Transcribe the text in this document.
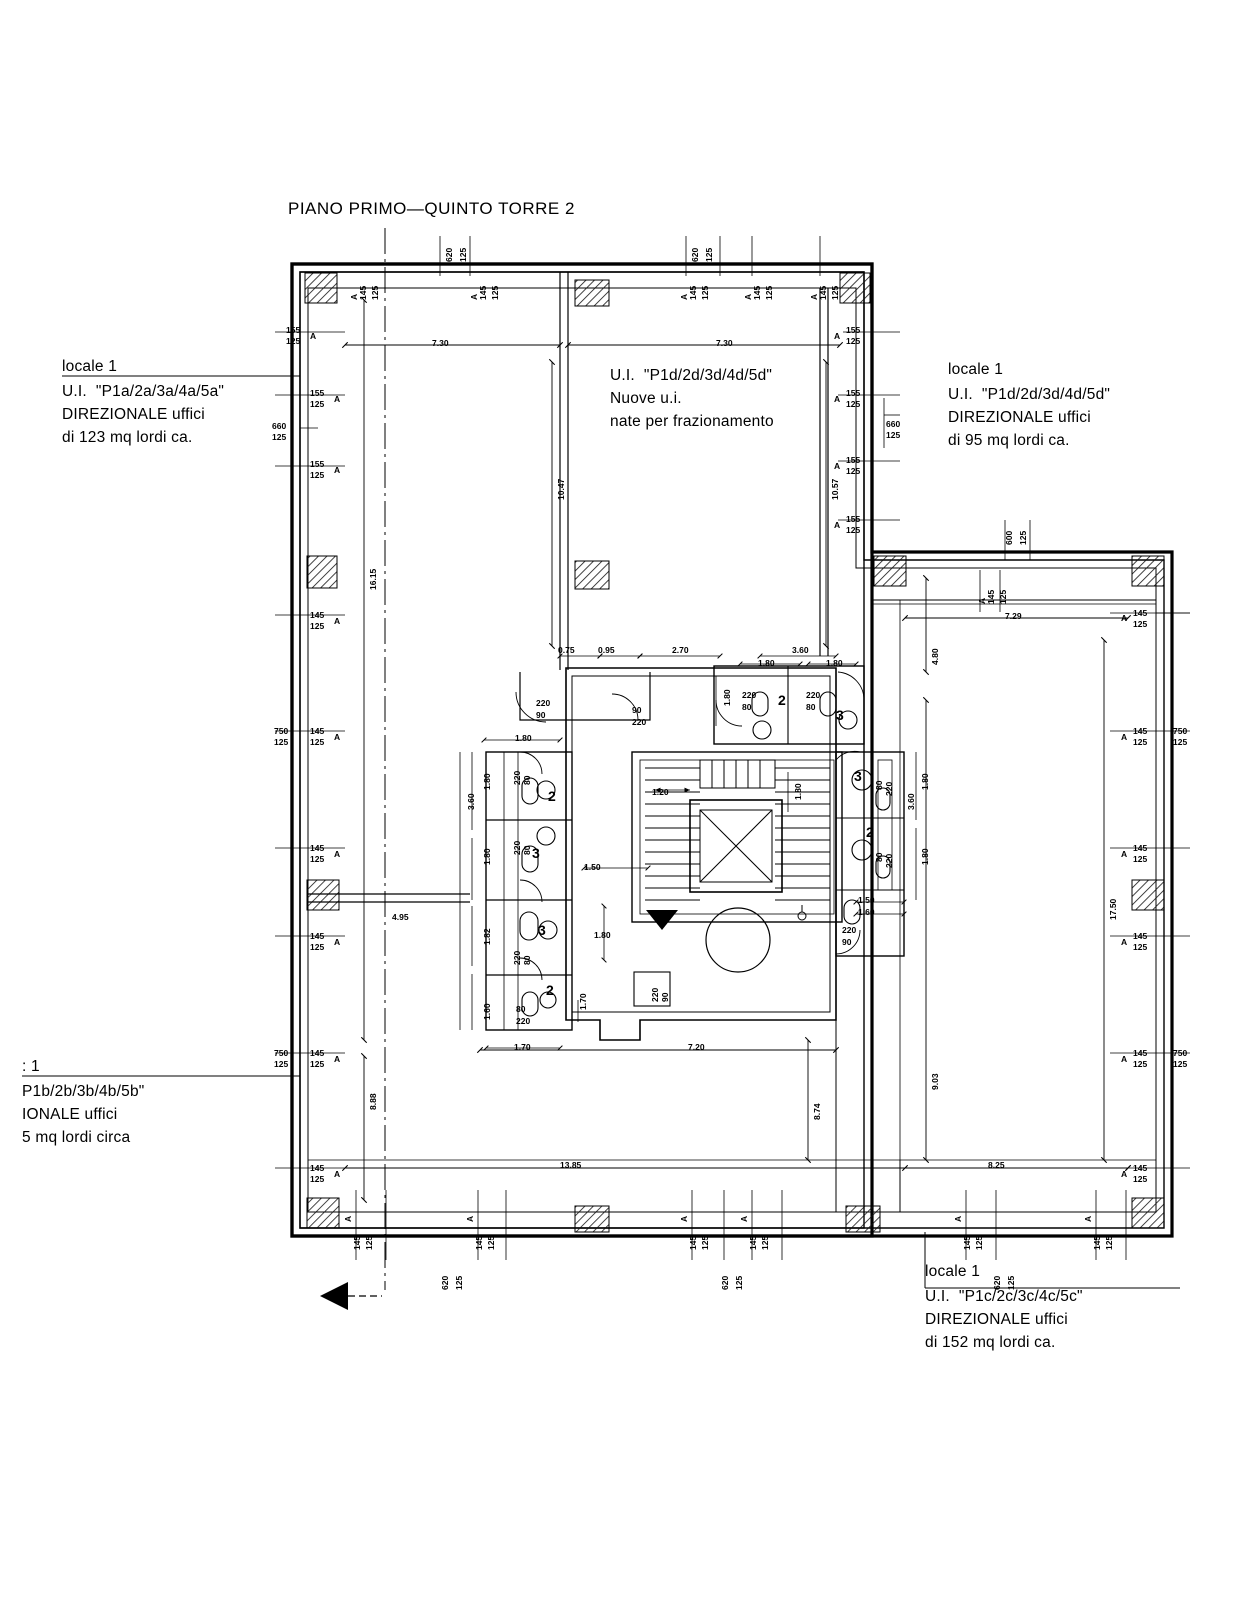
PIANO PRIMO—QUINTO TORRE 2
locale 1
U.I.  "P1a/2a/3a/4a/5a"
DIREZIONALE uffici
di 123 mq lordi ca.
U.I.  "P1d/2d/3d/4d/5d"
Nuove u.i.
nate per frazionamento
locale 1
U.I.  "P1d/2d/3d/4d/5d"
DIREZIONALE uffici
di 95 mq lordi ca.
: 1
P1b/2b/3b/4b/5b"
IONALE uffici
5 mq lordi circa
locale 1
U.I.  "P1c/2c/3c/4c/5c"
DIREZIONALE uffici
di 152 mq lordi ca.
620 125	620 125
145 125
A	145 125
A	145 125
A	145 125
A	145 125
A
155
125 A
155
125 A
660
125
155
125 A
145
125 A
750
125
145
125 A
145
125 A
145
125 A
750
125
145
125 A
145
125 A
155
125
A
155
125
A
660
125
155
125
A
155
125
A
600 125
145 125
A
145
125
A
145
125
A
750
125
145
125
A
145
125
A
145
125
A
750
125
145
125
A
145 125
A
145 125
A
145 125
A
145 125
A
145 125
A
145 125
A
620 125	620 125	620 125
7.30	7.30
7.29
13.85	8.25
7.20
16.15
10.47	10.57
17.50
8.88
9.03
4.80
8.74
0.75	0.95	2.70	3.60
1.80	1.80
1.80
1.80
1.80
3.60
1.80
1.82
1.60
1.50
1.80
1.70
1.70
1.20	1.80
1.80
3.60
1.80
1.50
1.60
4.95
220 90
220
90	90
220
220
80
220
80
220 80
220 80
220 80
80
220
80 220
80 220
220
90
2
3
2
3
3
2
3
2
